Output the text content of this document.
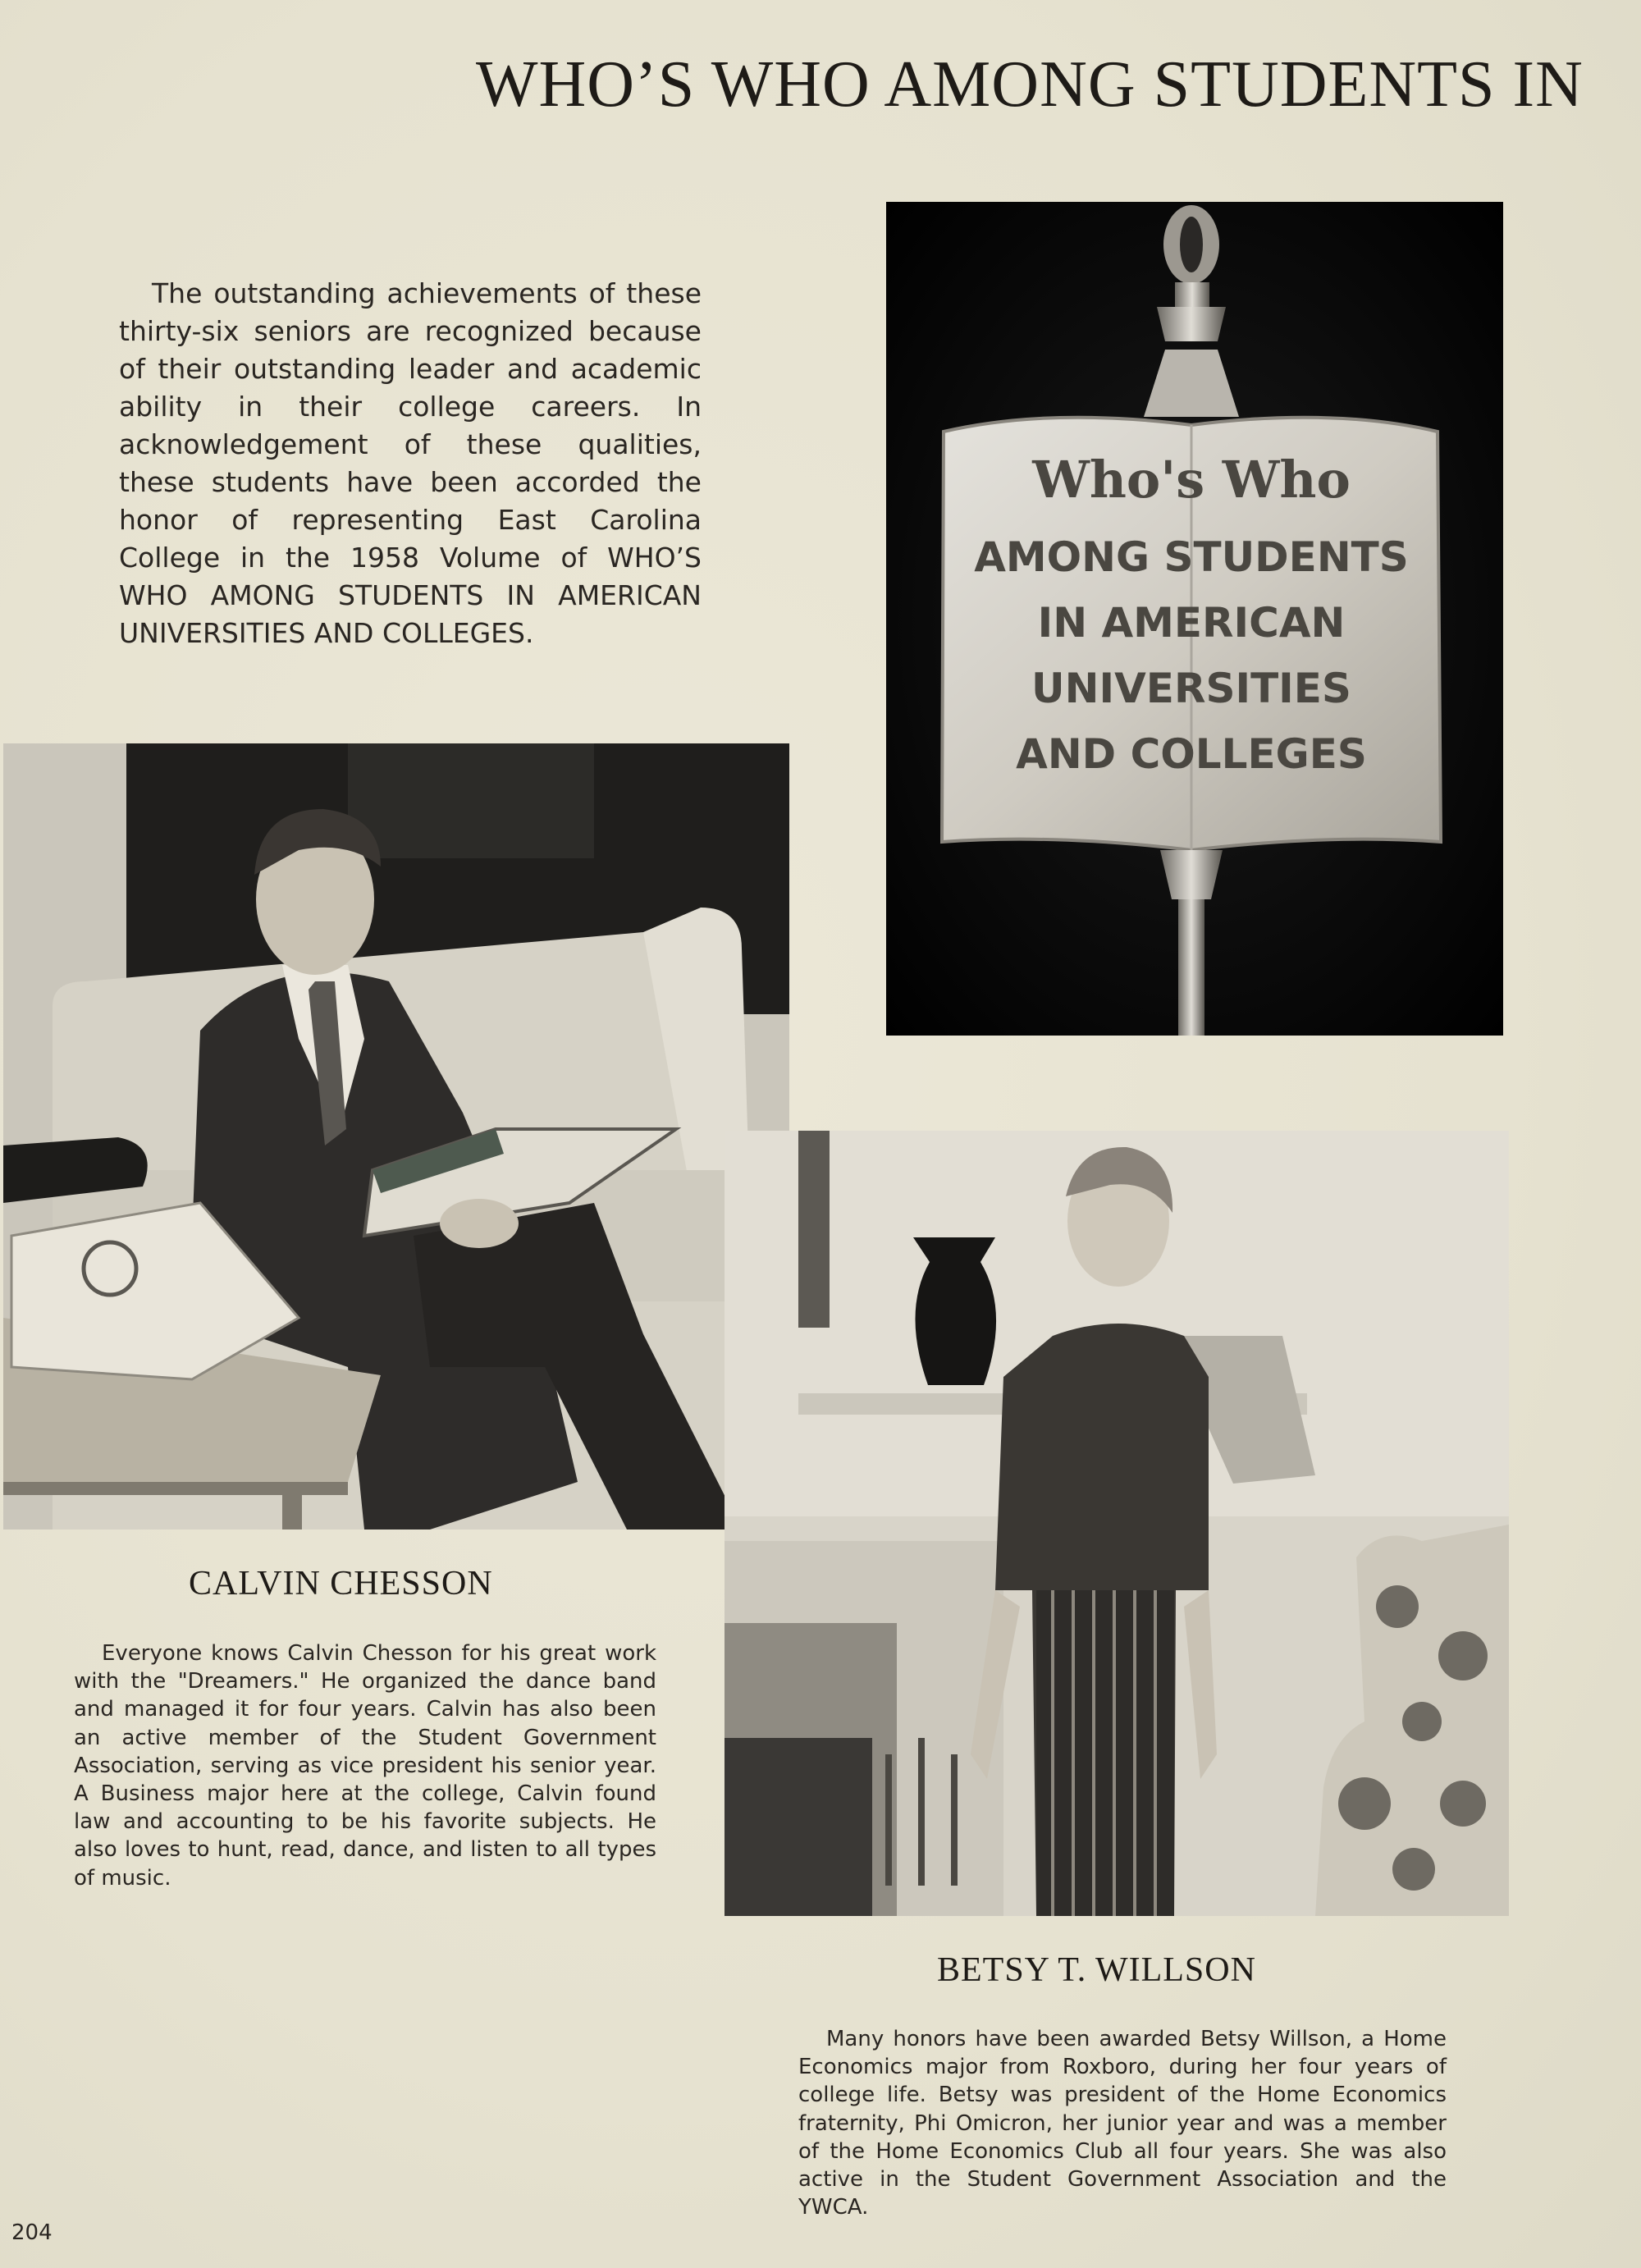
WHO’S WHO AMONG STUDENTS IN

The outstanding achievements of these thirty-six seniors are recognized because of their outstanding leader and academic ability in their college careers. In acknowledgement of these qualities, these students have been accorded the honor of representing East Carolina College in the 1958 Volume of WHO’S WHO AMONG STUDENTS IN AMERICAN UNIVERSITIES AND COLLEGES.

Who's Who
AMONG STUDENTS
IN AMERICAN
UNIVERSITIES
AND COLLEGES
CALVIN CHESSON

Everyone knows Calvin Chesson for his great work with the "Dreamers." He organized the dance band and managed it for four years. Calvin has also been an active member of the Student Government Association, serving as vice president his senior year. A Business major here at the college, Calvin found law and accounting to be his favorite subjects. He also loves to hunt, read, dance, and listen to all types of music.

BETSY T. WILLSON

Many honors have been awarded Betsy Willson, a Home Economics major from Roxboro, during her four years of college life. Betsy was president of the Home Economics fraternity, Phi Omicron, her junior year and was a member of the Home Economics Club all four years. She was also active in the Student Government Association and the YWCA.

204
